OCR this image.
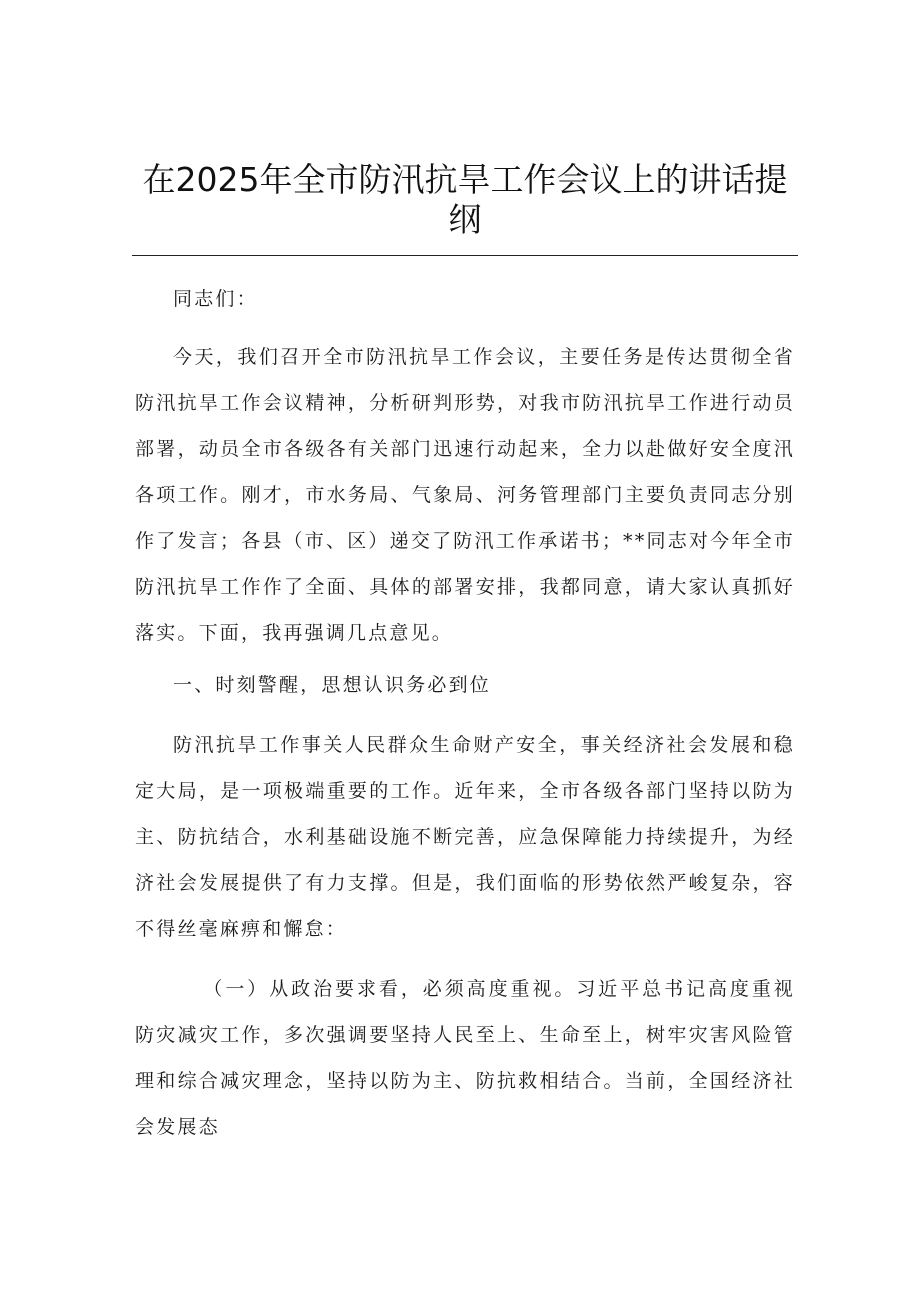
在2025年全市防汛抗旱工作会议上的讲话提纲

同志们：

今天，我们召开全市防汛抗旱工作会议，主要任务是传达贯彻全省防汛抗旱工作会议精神，分析研判形势，对我市防汛抗旱工作进行动员部署，动员全市各级各有关部门迅速行动起来，全力以赴做好安全度汛各项工作。刚才，市水务局、气象局、河务管理部门主要负责同志分别作了发言；各县（市、区）递交了防汛工作承诺书；**同志对今年全市防汛抗旱工作作了全面、具体的部署安排，我都同意，请大家认真抓好落实。下面，我再强调几点意见。

一、时刻警醒，思想认识务必到位

防汛抗旱工作事关人民群众生命财产安全，事关经济社会发展和稳定大局，是一项极端重要的工作。近年来，全市各级各部门坚持以防为主、防抗结合，水利基础设施不断完善，应急保障能力持续提升，为经济社会发展提供了有力支撑。但是，我们面临的形势依然严峻复杂，容不得丝毫麻痹和懈怠：

（一）从政治要求看，必须高度重视。习近平总书记高度重视防灾减灾工作，多次强调要坚持人民至上、生命至上，树牢灾害风险管理和综合减灾理念，坚持以防为主、防抗救相结合。当前，全国经济社会发展态
